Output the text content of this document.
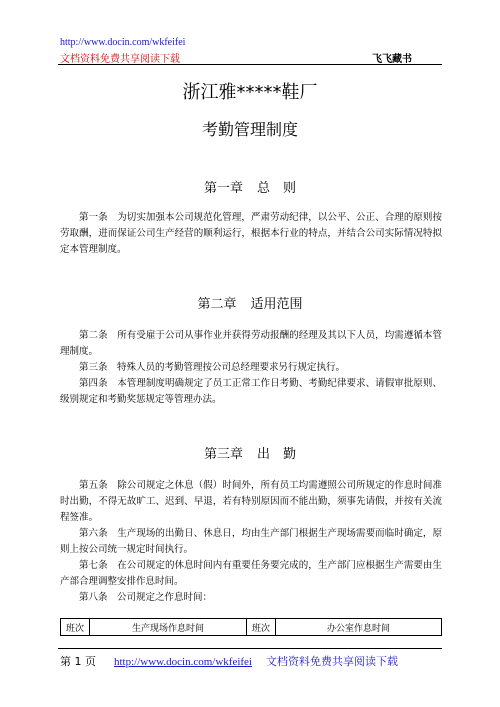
http://www.docin.com/wkfeifei
文档资料免费共享阅读下载	飞飞藏书
浙江雅*****鞋厂
考勤管理制度
第一章 总　则

第一条　为切实加强本公司规范化管理，严肃劳动纪律，以公平、公正、合理的原则按劳取酬，进而保证公司生产经营的顺利运行，根据本行业的特点，并结合公司实际情况特拟定本管理制度。

第二章 适用范围

第二条　所有受雇于公司从事作业并获得劳动报酬的经理及其以下人员，均需遵循本管理制度。

第三条　特殊人员的考勤管理按公司总经理要求另行规定执行。

第四条　本管理制度明确规定了员工正常工作日考勤、考勤纪律要求、请假审批原则、级别规定和考勤奖惩规定等管理办法。

第三章 出　勤

第五条　除公司规定之休息（假）时间外，所有员工均需遵照公司所规定的作息时间准时出勤，不得无故旷工、迟到、早退，若有特别原因而不能出勤，须事先请假，并按有关流程签准。

第六条　生产现场的出勤日、休息日，均由生产部门根据生产现场需要而临时确定，原则上按公司统一规定时间执行。

第七条　在公司规定的休息时间内有重要任务要完成的，生产部门应根据生产需要由生产部合理调整安排作息时间。

第八条　公司规定之作息时间：

班次	生产现场作息时间	班次	办公室作息时间
第 1 页 http://www.docin.com/wkfeifei 文档资料免费共享阅读下载
